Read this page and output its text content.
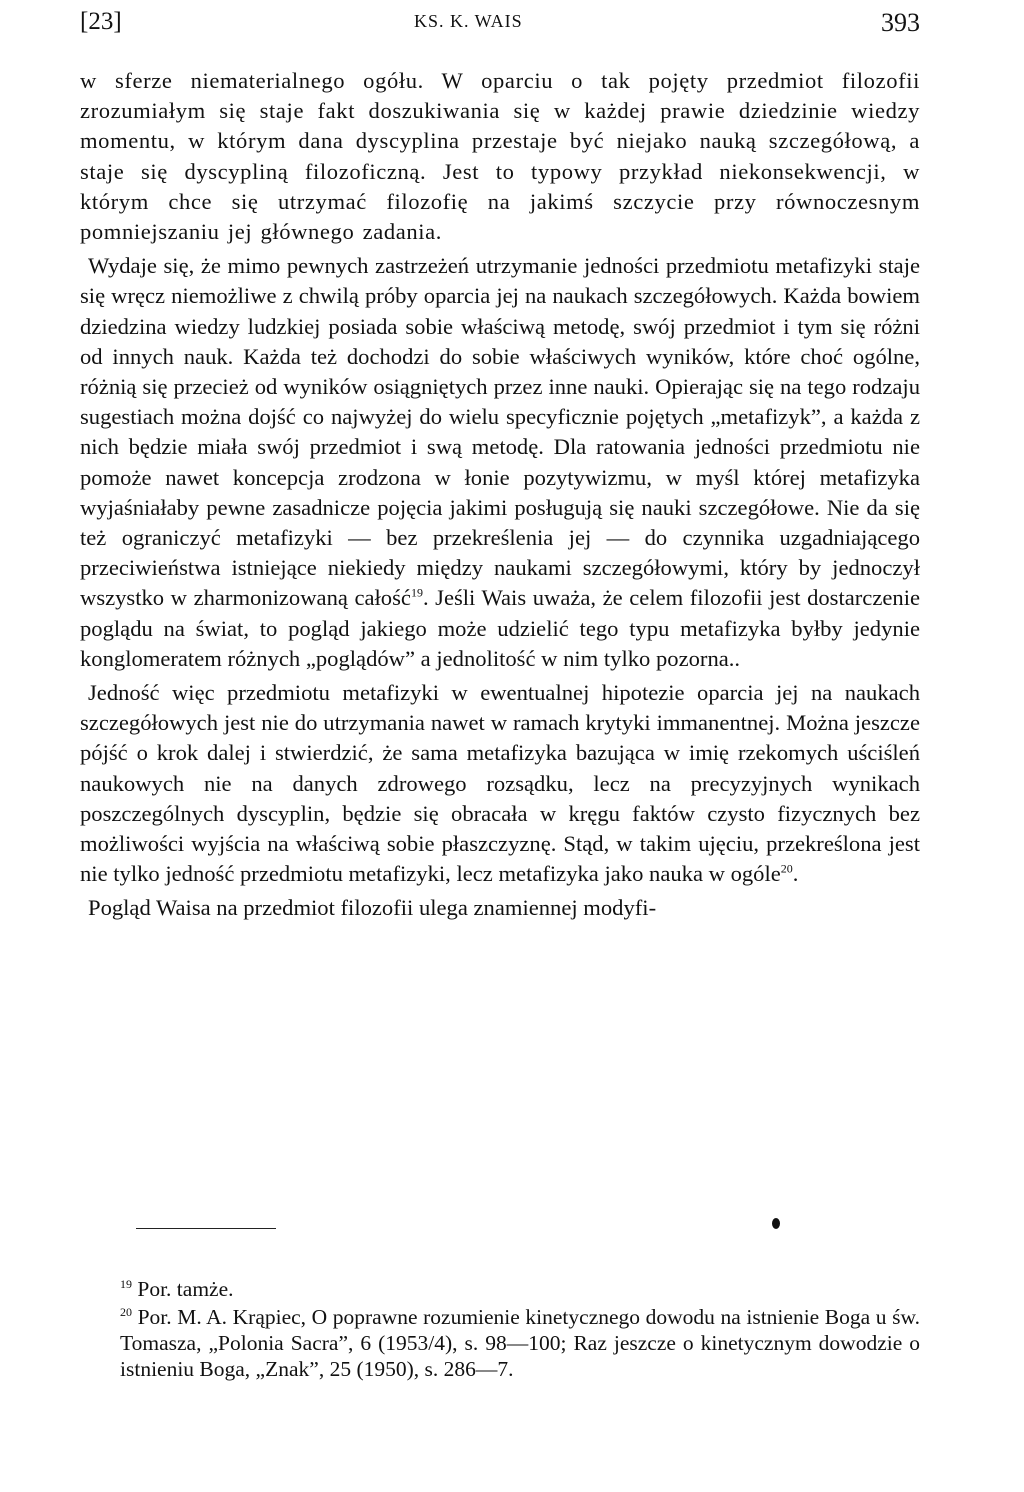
[23]	KS. K. WAIS	393

w sferze niematerialnego ogółu. W oparciu o tak pojęty przedmiot filozofii zrozumiałym się staje fakt doszukiwania się w każdej prawie dziedzinie wiedzy momentu, w którym dana dyscyplina przestaje być niejako nauką szczegółową, a staje się dyscypliną filozoficzną. Jest to typowy przykład niekonsekwencji, w którym chce się utrzymać filozofię na jakimś szczycie przy równoczesnym pomniejszaniu jej głównego zadania.

Wydaje się, że mimo pewnych zastrzeżeń utrzymanie jedności przedmiotu metafizyki staje się wręcz niemożliwe z chwilą próby oparcia jej na naukach szczegółowych. Każda bowiem dziedzina wiedzy ludzkiej posiada sobie właściwą metodę, swój przedmiot i tym się różni od innych nauk. Każda też dochodzi do sobie właściwych wyników, które choć ogólne, różnią się przecież od wyników osiągniętych przez inne nauki. Opierając się na tego rodzaju sugestiach można dojść co najwyżej do wielu specyficznie pojętych „metafizyk”, a każda z nich będzie miała swój przedmiot i swą metodę. Dla ratowania jedności przedmiotu nie pomoże nawet koncepcja zrodzona w łonie pozytywizmu, w myśl której metafizyka wyjaśniałaby pewne zasadnicze pojęcia jakimi posługują się nauki szczegółowe. Nie da się też ograniczyć metafizyki — bez przekreślenia jej — do czynnika uzgadniającego przeciwieństwa istniejące niekiedy między naukami szczegółowymi, który by jednoczył wszystko w zharmonizowaną całość$^{19}$. Jeśli Wais uważa, że celem filozofii jest dostarczenie poglądu na świat, to pogląd jakiego może udzielić tego typu metafizyka byłby jedynie konglomeratem różnych „poglądów” a jednolitość w nim tylko pozorna..

Jedność więc przedmiotu metafizyki w ewentualnej hipotezie oparcia jej na naukach szczegółowych jest nie do utrzymania nawet w ramach krytyki immanentnej. Można jeszcze pójść o krok dalej i stwierdzić, że sama metafizyka bazująca w imię rzekomych uściśleń naukowych nie na danych zdrowego rozsądku, lecz na precyzyjnych wynikach poszczególnych dyscyplin, będzie się obracała w kręgu faktów czysto fizycznych bez możliwości wyjścia na właściwą sobie płaszczyznę. Stąd, w takim ujęciu, przekreślona jest nie tylko jedność przedmiotu metafizyki, lecz metafizyka jako nauka w ogóle$^{20}$.

Pogląd Waisa na przedmiot filozofii ulega znamiennej modyfi-

$^{19}$ Por. tamże.

$^{20}$ Por. M. A. Krąpiec, O poprawne rozumienie kinetycznego dowodu na istnienie Boga u św. Tomasza, „Polonia Sacra”, 6 (1953/4), s. 98—100; Raz jeszcze o kinetycznym dowodzie o istnieniu Boga, „Znak”, 25 (1950), s. 286—7.
